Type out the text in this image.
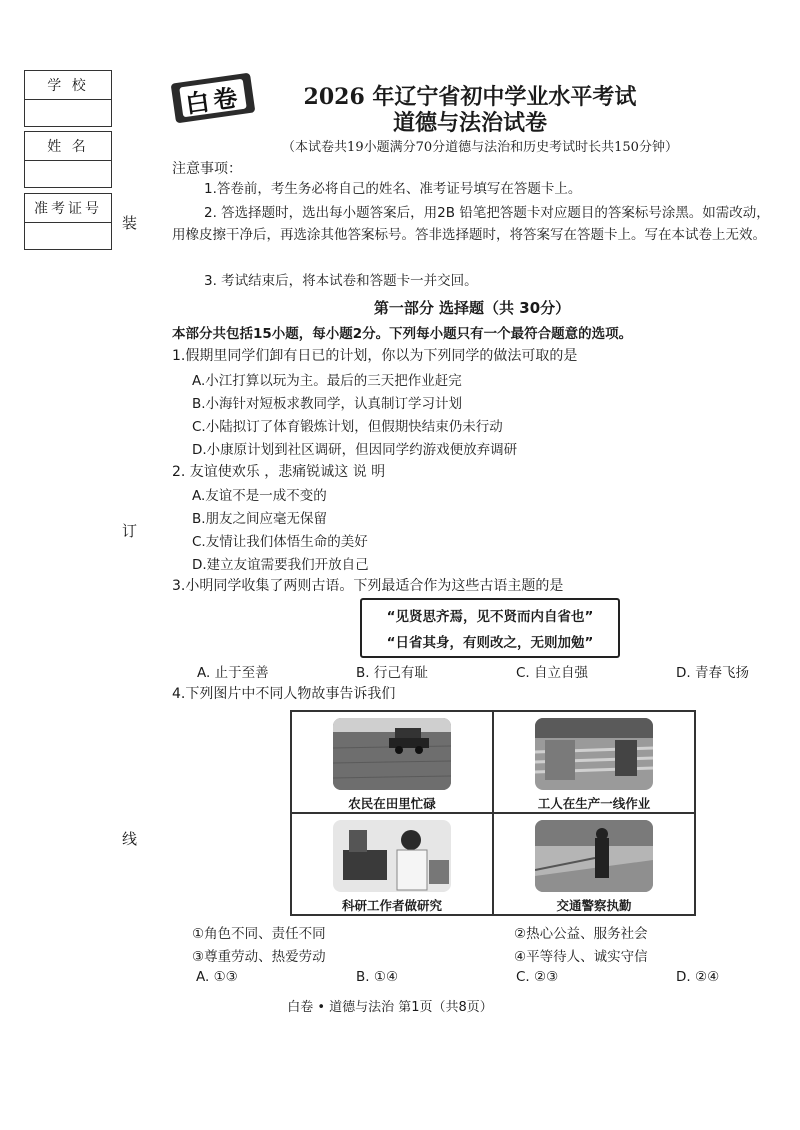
学 校
姓 名
准考证号
装
订
线
白卷	2026 年辽宁省初中学业水平考试
道德与法治试卷
（本试卷共19小题满分70分道德与法治和历史考试时长共150分钟）
注意事项：
1.答卷前，考生务必将自己的姓名、准考证号填写在答题卡上。
2. 答选择题时，选出每小题答案后，用2B 铅笔把答题卡对应题目的答案标号涂黑。如需改动，用橡皮擦干净后，再选涂其他答案标号。答非选择题时，将答案写在答题卡上。写在本试卷上无效。
3. 考试结束后，将本试卷和答题卡一并交回。
第一部分 选择题（共 30分）
本部分共包括15小题，每小题2分。下列每小题只有一个最符合题意的选项。
1.假期里同学们卸有日已的计划，你以为下列同学的做法可取的是
A.小江打算以玩为主。最后的三天把作业赶完
B.小海针对短板求教同学，认真制订学习计划
C.小陆拟订了体育锻炼计划，但假期快结束仍未行动
D.小康原计划到社区调研，但因同学约游戏便放弃调研
2. 友谊使欢乐 ，悲痛锐诚这 说 明
A.友谊不是一成不变的
B.朋友之间应毫无保留
C.友情让我们体悟生命的美好
D.建立友谊需要我们开放自己
3.小明同学收集了两则古语。下列最适合作为这些古语主题的是
“见贤思齐焉，见不贤而内自省也”
“日省其身，有则改之，无则加勉”
A. 止于至善	B. 行己有耻	C. 自立自强	D. 青春飞扬
4.下列图片中不同人物故事告诉我们
农民在田里忙碌	工人在生产一线作业
科研工作者做研究	交通警察执勤
①角色不同、责任不同	②热心公益、服务社会
③尊重劳动、热爱劳动	④平等待人、诚实守信
A. ①③	B. ①④	C. ②③	D. ②④
白卷 • 道德与法治 第1页（共8页）
